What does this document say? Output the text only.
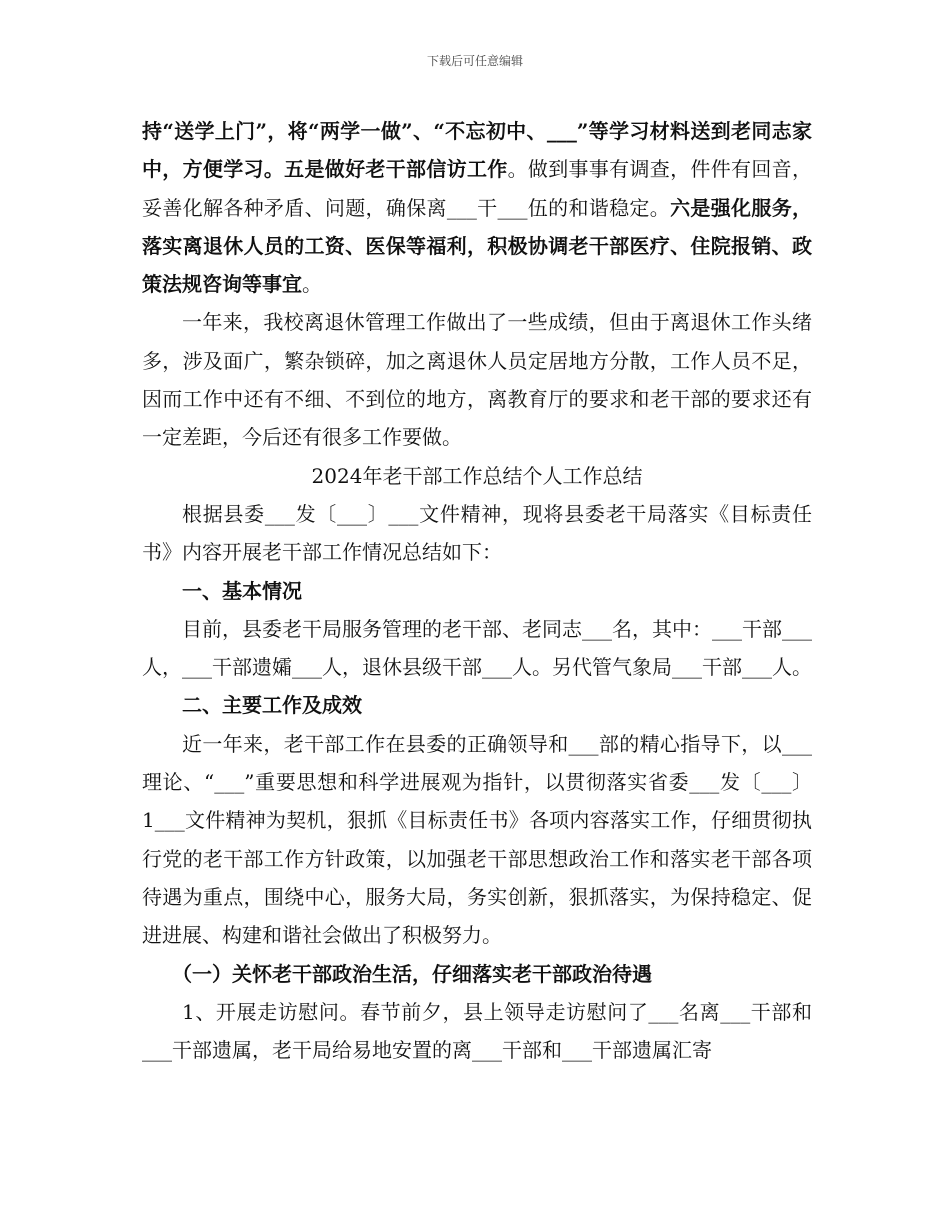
下载后可任意编辑

持“送学上门”，将“两学一做”、“不忘初中、___”等学习材料送到老同志家中，方便学习。五是做好老干部信访工作。做到事事有调查，件件有回音，妥善化解各种矛盾、问题，确保离___干___伍的和谐稳定。六是强化服务，落实离退休人员的工资、医保等福利，积极协调老干部医疗、住院报销、政策法规咨询等事宜。

一年来，我校离退休管理工作做出了一些成绩，但由于离退休工作头绪多，涉及面广，繁杂锁碎，加之离退休人员定居地方分散，工作人员不足，因而工作中还有不细、不到位的地方，离教育厅的要求和老干部的要求还有一定差距，今后还有很多工作要做。

2024年老干部工作总结个人工作总结

根据县委___发〔___〕___文件精神，现将县委老干局落实《目标责任书》内容开展老干部工作情况总结如下：

一、基本情况

目前，县委老干局服务管理的老干部、老同志___名，其中：___干部___人，___干部遗孀___人，退休县级干部___人。另代管气象局___干部___人。

二、主要工作及成效

近一年来，老干部工作在县委的正确领导和___部的精心指导下，以___理论、“___”重要思想和科学进展观为指针，以贯彻落实省委___发〔___〕1___文件精神为契机，狠抓《目标责任书》各项内容落实工作，仔细贯彻执行党的老干部工作方针政策，以加强老干部思想政治工作和落实老干部各项待遇为重点，围绕中心，服务大局，务实创新，狠抓落实，为保持稳定、促进进展、构建和谐社会做出了积极努力。

（一）关怀老干部政治生活，仔细落实老干部政治待遇

1、开展走访慰问。春节前夕，县上领导走访慰问了___名离___干部和___干部遗属，老干局给易地安置的离___干部和___干部遗属汇寄
